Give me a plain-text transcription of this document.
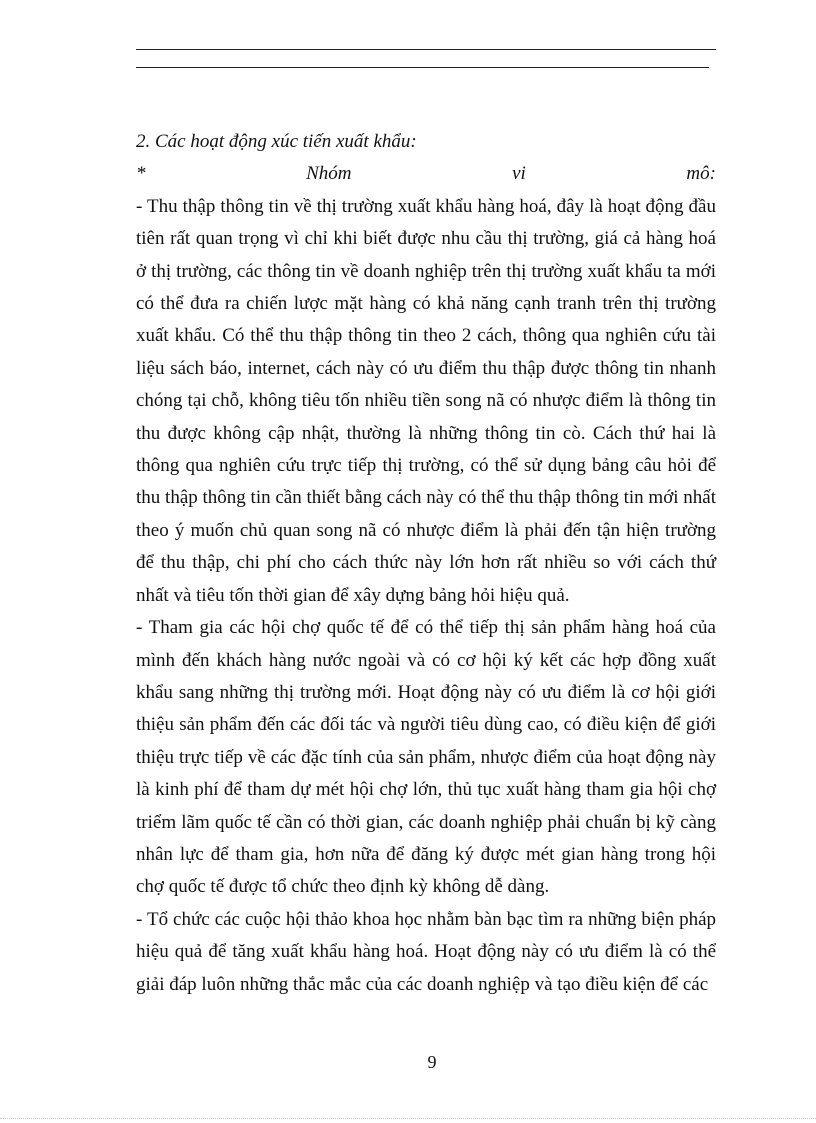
2. Các hoạt động xúc tiến xuất khẩu:

*	Nhóm	vi	mô:

- Thu thập thông tin về thị trường xuất khẩu hàng hoá, đây là hoạt động đầu tiên rất quan trọng vì chỉ khi biết được nhu cầu thị trường, giá cả hàng hoá ở thị trường, các thông tin về doanh nghiệp trên thị trường xuất khẩu ta mới có thể đưa ra chiến lược mặt hàng có khả năng cạnh tranh trên thị trường xuất khẩu. Có thể thu thập thông tin theo 2 cách, thông qua nghiên cứu tài liệu sách báo, internet, cách này có ưu điểm thu thập được thông tin nhanh chóng tại chỗ, không tiêu tốn nhiều tiền song nã có nhược điểm là thông tin thu được không cập nhật, thường là những thông tin cò. Cách thứ hai là thông qua nghiên cứu trực tiếp thị trường, có thể sử dụng bảng câu hỏi để thu thập thông tin cần thiết bằng cách này có thể thu thập thông tin mới nhất theo ý muốn chủ quan song nã có nhược điểm là phải đến tận hiện trường để thu thập, chi phí cho cách thức này lớn hơn rất nhiều so với cách thứ nhất và tiêu tốn thời gian để xây dựng bảng hỏi hiệu quả.

- Tham gia các hội chợ quốc tế để có thể tiếp thị sản phẩm hàng hoá của mình đến khách hàng nước ngoài và có cơ hội ký kết các hợp đồng xuất khẩu sang những thị trường mới. Hoạt động này có ưu điểm là cơ hội giới thiệu sản phẩm đến các đối tác và người tiêu dùng cao, có điều kiện để giới thiệu trực tiếp về các đặc tính của sản phẩm, nhược điểm của hoạt động này là kinh phí để tham dự mét hội chợ lớn, thủ tục xuất hàng tham gia hội chợ triểm lãm quốc tế cần có thời gian, các doanh nghiệp phải chuẩn bị kỹ càng nhân lực để tham gia, hơn nữa để đăng ký được mét gian hàng trong hội chợ quốc tế được tổ chức theo định kỳ không dễ dàng.

- Tổ chức các cuộc hội thảo khoa học nhằm bàn bạc tìm ra những biện pháp hiệu quả để tăng xuất khẩu hàng hoá. Hoạt động này có ưu điểm là có thể giải đáp luôn những thắc mắc của các doanh nghiệp và tạo điều kiện để các

9
